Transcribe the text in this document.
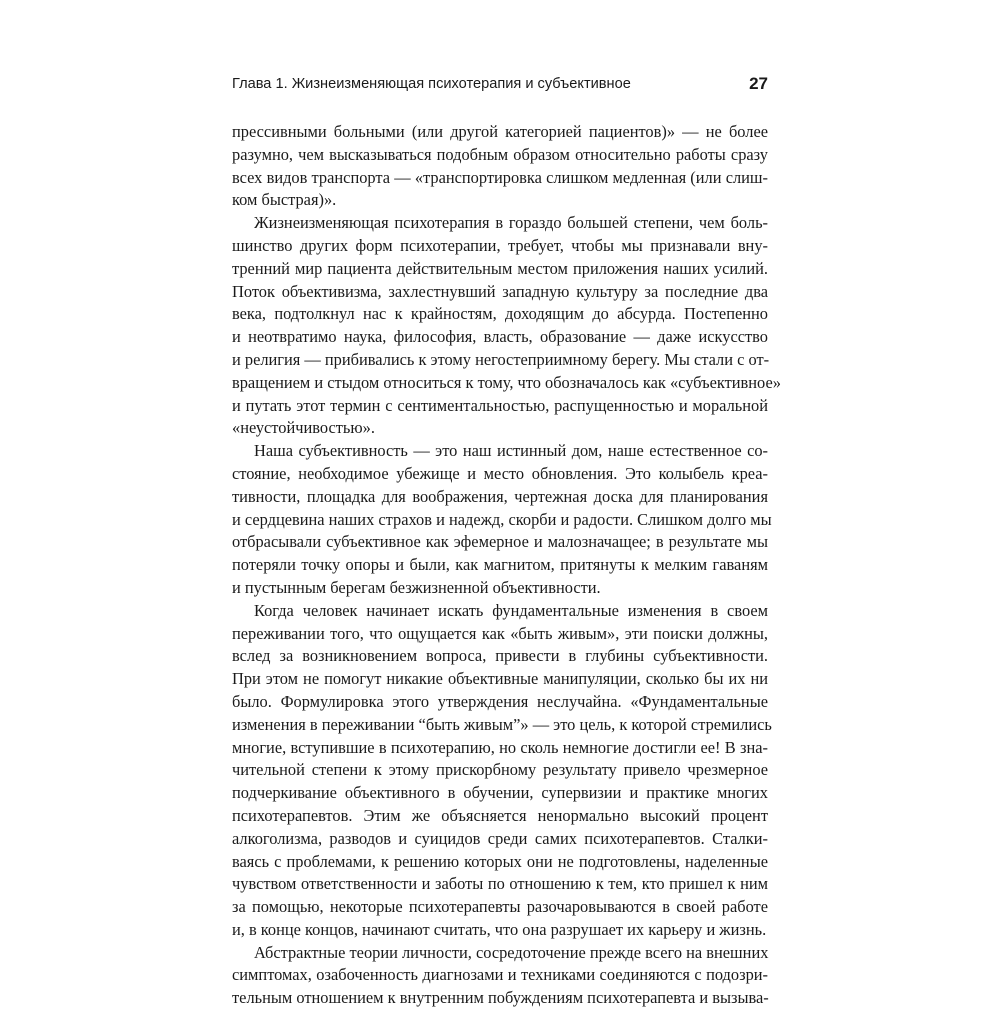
Глава 1. Жизнеизменяющая психотерапия и субъективное	27
прессивными больными (или другой категорией пациентов)» — не более
разумно, чем высказываться подобным образом относительно работы сразу
всех видов транспорта — «транспортировка слишком медленная (или слиш-
ком быстрая)».
Жизнеизменяющая психотерапия в гораздо большей степени, чем боль-
шинство других форм психотерапии, требует, чтобы мы признавали вну-
тренний мир пациента действительным местом приложения наших усилий.
Поток объективизма, захлестнувший западную культуру за последние два
века, подтолкнул нас к крайностям, доходящим до абсурда. Постепенно
и неотвратимо наука, философия, власть, образование — даже искусство
и религия — прибивались к этому негостеприимному берегу. Мы стали с от-
вращением и стыдом относиться к тому, что обозначалось как «субъективное»
и путать этот термин с сентиментальностью, распущенностью и моральной
«неустойчивостью».
Наша субъективность — это наш истинный дом, наше естественное со-
стояние, необходимое убежище и место обновления. Это колыбель креа-
тивности, площадка для воображения, чертежная доска для планирования
и сердцевина наших страхов и надежд, скорби и радости. Слишком долго мы
отбрасывали субъективное как эфемерное и малозначащее; в результате мы
потеряли точку опоры и были, как магнитом, притянуты к мелким гаваням
и пустынным берегам безжизненной объективности.
Когда человек начинает искать фундаментальные изменения в своем
переживании того, что ощущается как «быть живым», эти поиски должны,
вслед за возникновением вопроса, привести в глубины субъективности.
При этом не помогут никакие объективные манипуляции, сколько бы их ни
было. Формулировка этого утверждения неслучайна. «Фундаментальные
изменения в переживании “быть живым”» — это цель, к которой стремились
многие, вступившие в психотерапию, но сколь немногие достигли ее! В зна-
чительной степени к этому прискорбному результату привело чрезмерное
подчеркивание объективного в обучении, супервизии и практике многих
психотерапевтов. Этим же объясняется ненормально высокий процент
алкоголизма, разводов и суицидов среди самих психотерапевтов. Сталки-
ваясь с проблемами, к решению которых они не подготовлены, наделенные
чувством ответственности и заботы по отношению к тем, кто пришел к ним
за помощью, некоторые психотерапевты разочаровываются в своей работе
и, в конце концов, начинают считать, что она разрушает их карьеру и жизнь.
Абстрактные теории личности, сосредоточение прежде всего на внешних
симптомах, озабоченность диагнозами и техниками соединяются с подозри-
тельным отношением к внутренним побуждениям психотерапевта и вызыва-
